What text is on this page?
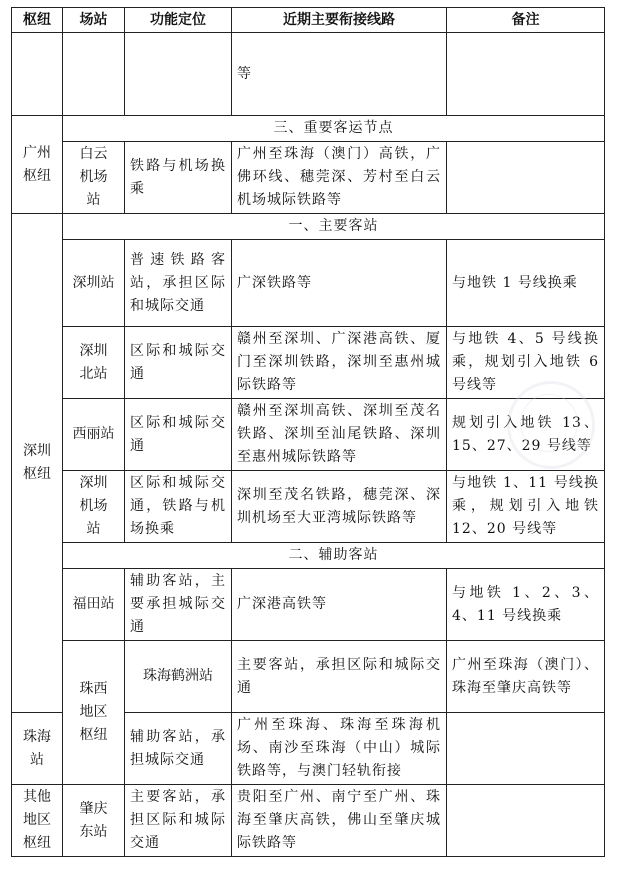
枢纽	场站	功能定位	近期主要衔接线路	备注	
			等		
广州枢纽	三、重要客运节点				
	白云机场站	铁路与机场换乘	广州至珠海（澳门）高铁，广佛环线、穗莞深、芳村至白云机场城际铁路等		
深圳枢纽	一、主要客站				
	深圳站	普速铁路客站，承担区际和城际交通	广深铁路等	与地铁 1 号线换乘	
	深圳北站	区际和城际交通	赣州至深圳、广深港高铁、厦门至深圳铁路，深圳至惠州城际铁路等	与地铁 4、5 号线换乘，规划引入地铁 6 号线等	
	西丽站	区际和城际交通	赣州至深圳高铁、深圳至茂名铁路、深圳至汕尾铁路、深圳至惠州城际铁路等	规划引入地铁 13、15、27、29 号线等	
	深圳机场站	区际和城际交通，铁路与机场换乘	深圳至茂名铁路，穗莞深、深圳机场至大亚湾城际铁路等	与地铁 1、11 号线换乘，规划引入地铁 12、20 号线等	
	二、辅助客站				
	福田站	辅助客站，主要承担城际交通	广深港高铁等	与地铁 1、2、3、4、11 号线换乘	
	珠西地区枢纽	珠海鹤洲站	主要客站，承担区际和城际交通	广州至珠海（澳门）、珠海至肇庆高铁等	
珠海站		辅助客站，承担城际交通	广州至珠海、珠海至珠海机场、南沙至珠海（中山）城际铁路等，与澳门轻轨衔接		
其他地区枢纽	肇庆东站	主要客站，承担区际和城际交通	贵阳至广州、南宁至广州、珠海至肇庆高铁，佛山至肇庆城际铁路等		
